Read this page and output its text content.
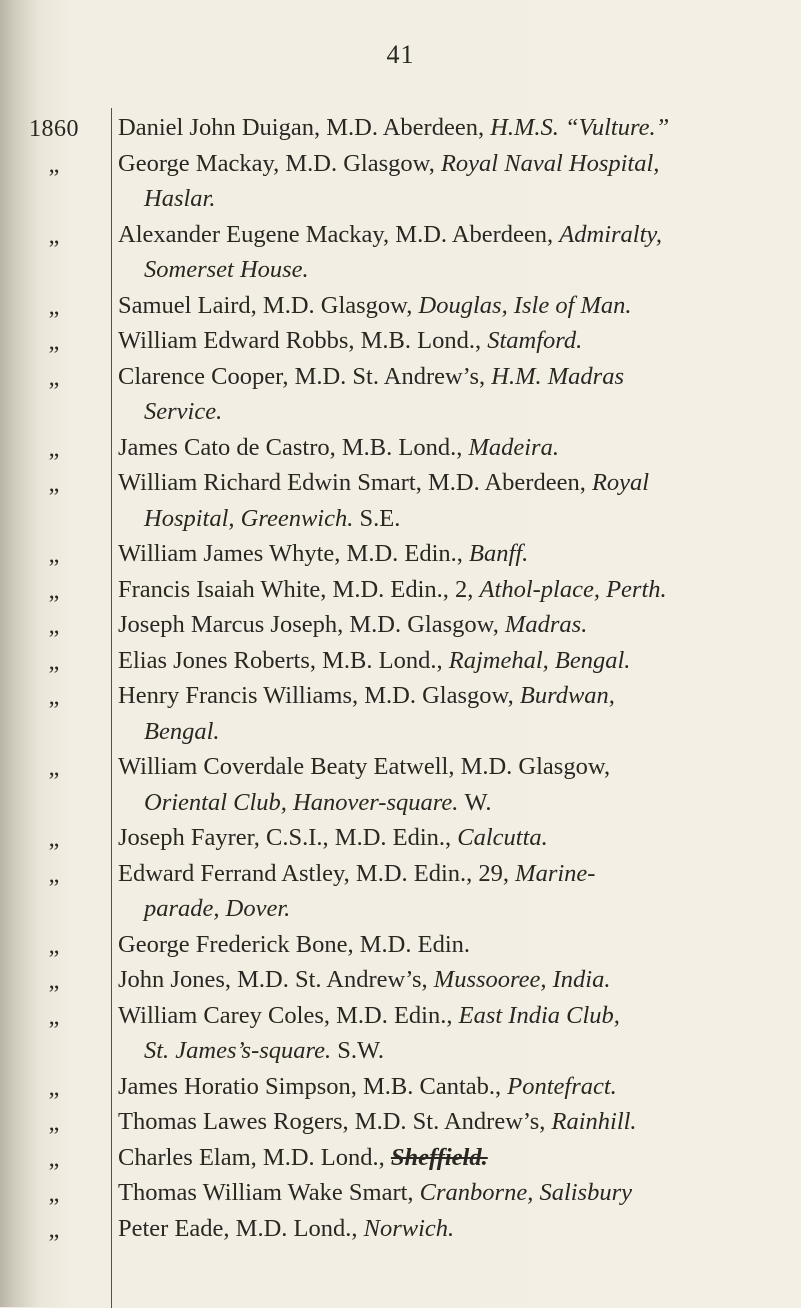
41
1860	Daniel John Duigan, M.D. Aberdeen, H.M.S. “Vulture.”
„	George Mackay, M.D. Glasgow, Royal Naval Hospital,
Haslar.
„	Alexander Eugene Mackay, M.D. Aberdeen, Admiralty,
Somerset House.
„	Samuel Laird, M.D. Glasgow, Douglas, Isle of Man.
„	William Edward Robbs, M.B. Lond., Stamford.
„	Clarence Cooper, M.D. St. Andrew’s, H.M. Madras
Service.
„	James Cato de Castro, M.B. Lond., Madeira.
„	William Richard Edwin Smart, M.D. Aberdeen, Royal
Hospital, Greenwich. S.E.
„	William James Whyte, M.D. Edin., Banff.
„	Francis Isaiah White, M.D. Edin., 2, Athol-place, Perth.
„	Joseph Marcus Joseph, M.D. Glasgow, Madras.
„	Elias Jones Roberts, M.B. Lond., Rajmehal, Bengal.
„	Henry Francis Williams, M.D. Glasgow, Burdwan,
Bengal.
„	William Coverdale Beaty Eatwell, M.D. Glasgow,
Oriental Club, Hanover-square. W.
„	Joseph Fayrer, C.S.I., M.D. Edin., Calcutta.
„	Edward Ferrand Astley, M.D. Edin., 29, Marine-
parade, Dover.
„	George Frederick Bone, M.D. Edin.
„	John Jones, M.D. St. Andrew’s, Mussooree, India.
„	William Carey Coles, M.D. Edin., East India Club,
St. James’s-square. S.W.
„	James Horatio Simpson, M.B. Cantab., Pontefract.
„	Thomas Lawes Rogers, M.D. St. Andrew’s, Rainhill.
„	Charles Elam, M.D. Lond., Sheffield.
„	Thomas William Wake Smart, Cranborne, Salisbury
„	Peter Eade, M.D. Lond., Norwich.
